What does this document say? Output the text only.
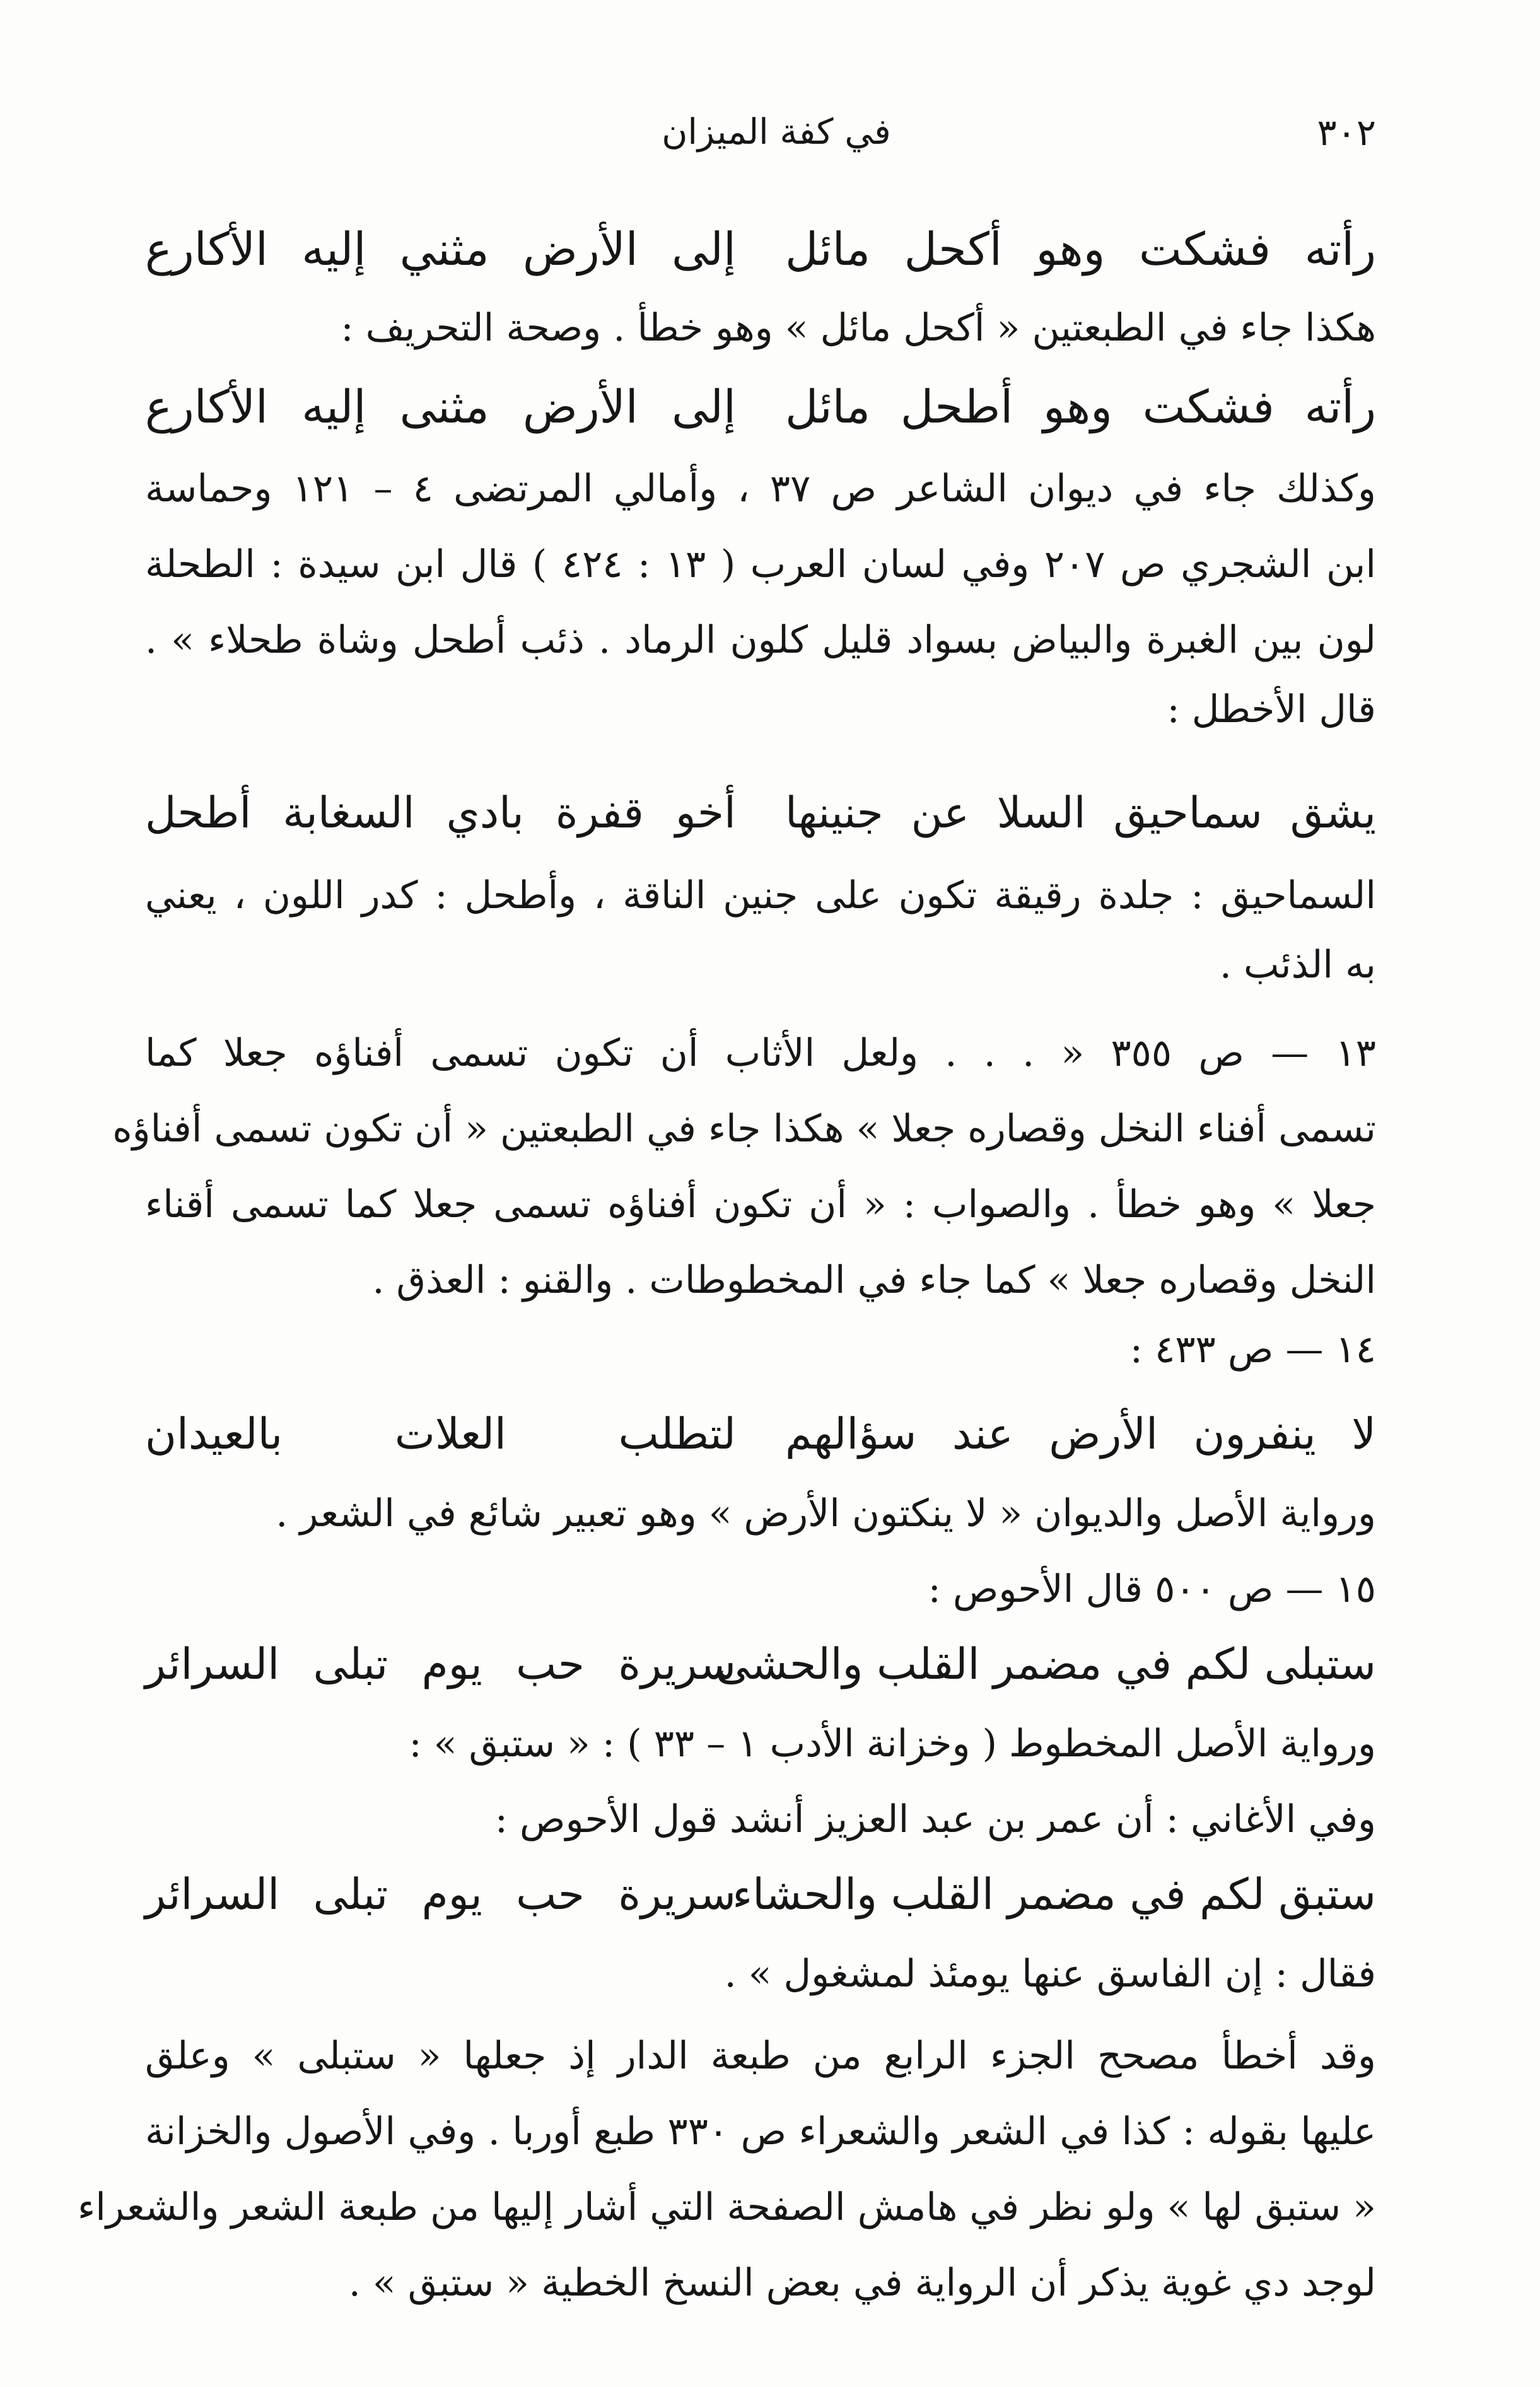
٣٠٢
في كفة الميزان
رأته فشكت وهو أكحل مائل
إلى الأرض مثني إليه الأكارع
هكذا جاء في الطبعتين « أكحل مائل » وهو خطأ . وصحة التحريف :
رأته فشكت وهو أطحل مائل
إلى الأرض مثنى إليه الأكارع
وكذلك جاء في ديوان الشاعر ص ٣٧ ، وأمالي المرتضى ٤ – ١٢١ وحماسة
ابن الشجري ص ٢٠٧ وفي لسان العرب ( ١٣ : ٤٢٤ ) قال ابن سيدة : الطحلة
لون بين الغبرة والبياض بسواد قليل كلون الرماد . ذئب أطحل وشاة طحلاء » .
قال الأخطل :
يشق سماحيق السلا عن جنينها
أخو قفرة بادي السغابة أطحل
السماحيق : جلدة رقيقة تكون على جنين الناقة ، وأطحل : كدر اللون ، يعني
به الذئب .
١٣ — ص ٣٥٥ « . . . ولعل الأثاب أن تكون تسمى أفناؤه جعلا كما
تسمى أفناء النخل وقصاره جعلا » هكذا جاء في الطبعتين « أن تكون تسمى أفناؤه
جعلا » وهو خطأ . والصواب : « أن تكون أفناؤه تسمى جعلا كما تسمى أقناء
النخل وقصاره جعلا » كما جاء في المخطوطات . والقنو : العذق .
١٤ — ص ٤٣٣ :
لا ينفرون الأرض عند سؤالهم
لتطلب العلات بالعيدان
ورواية الأصل والديوان « لا ينكتون الأرض » وهو تعبير شائع في الشعر .
١٥ — ص ٥٠٠ قال الأحوص :
ستبلى لكم في مضمر القلب والحشى
سريرة حب يوم تبلى السرائر
ورواية الأصل المخطوط ( وخزانة الأدب ١ – ٣٣ ) : « ستبق » :
وفي الأغاني : أن عمر بن عبد العزيز أنشد قول الأحوص :
ستبق لكم في مضمر القلب والحشاء
سريرة حب يوم تبلى السرائر
فقال : إن الفاسق عنها يومئذ لمشغول » .
وقد أخطأ مصحح الجزء الرابع من طبعة الدار إذ جعلها « ستبلى » وعلق
عليها بقوله : كذا في الشعر والشعراء ص ٣٣٠ طبع أوربا . وفي الأصول والخزانة
« ستبق لها » ولو نظر في هامش الصفحة التي أشار إليها من طبعة الشعر والشعراء
لوجد دي غوية يذكر أن الرواية في بعض النسخ الخطية « ستبق » .
